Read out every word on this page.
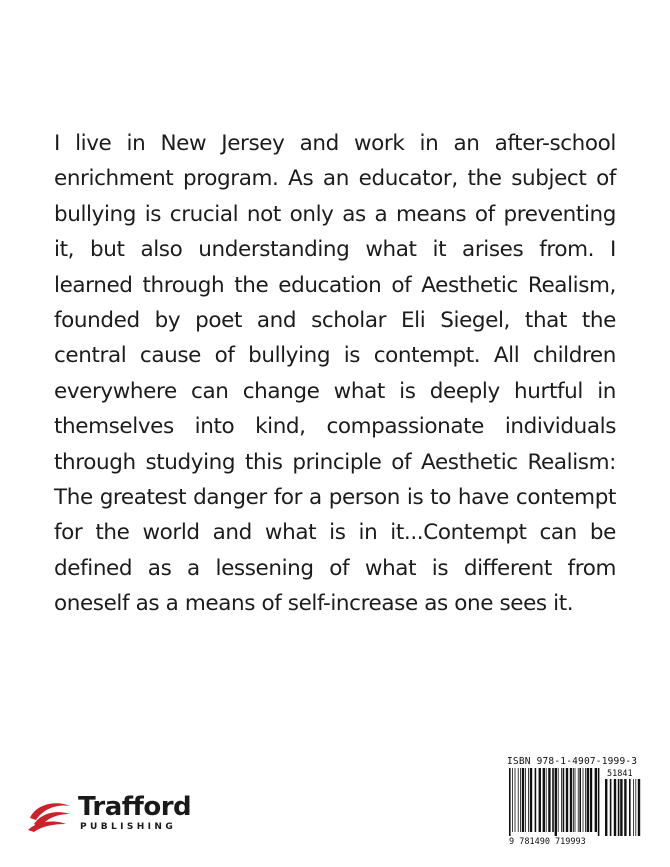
I live in New Jersey and work in an after-school enrichment program. As an educator, the subject of bullying is crucial not only as a means of preventing it, but also understanding what it arises from. I learned through the education of Aesthetic Realism, founded by poet and scholar Eli Siegel, that the central cause of bullying is contempt. All children everywhere can change what is deeply hurtful in themselves into kind, compassionate individuals through studying this principle of Aesthetic Realism: The greatest danger for a person is to have contempt for the world and what is in it...Contempt can be defined as a lessening of what is different from oneself as a means of self-increase as one sees it.

ISBN 978-1-4907-1999-3
51841
9 781490 719993
Trafford
PUBLISHING
